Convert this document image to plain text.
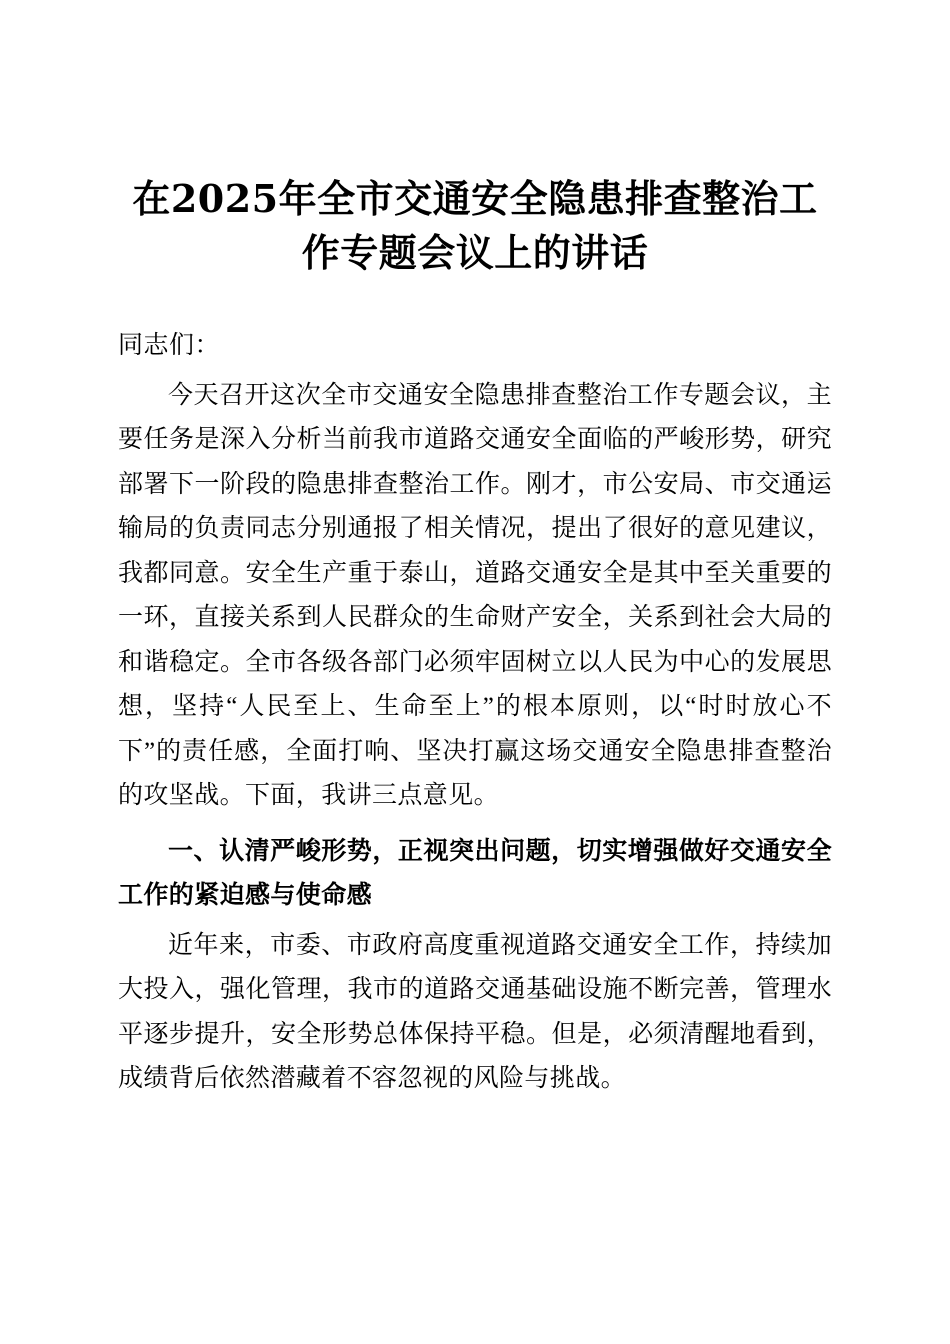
在2025年全市交通安全隐患排查整治工作专题会议上的讲话

同志们：

今天召开这次全市交通安全隐患排查整治工作专题会议，主要任务是深入分析当前我市道路交通安全面临的严峻形势，研究部署下一阶段的隐患排查整治工作。刚才，市公安局、市交通运输局的负责同志分别通报了相关情况，提出了很好的意见建议，我都同意。安全生产重于泰山，道路交通安全是其中至关重要的一环，直接关系到人民群众的生命财产安全，关系到社会大局的和谐稳定。全市各级各部门必须牢固树立以人民为中心的发展思想，坚持“人民至上、生命至上”的根本原则，以“时时放心不下”的责任感，全面打响、坚决打赢这场交通安全隐患排查整治的攻坚战。下面，我讲三点意见。

一、认清严峻形势，正视突出问题，切实增强做好交通安全工作的紧迫感与使命感

近年来，市委、市政府高度重视道路交通安全工作，持续加大投入，强化管理，我市的道路交通基础设施不断完善，管理水平逐步提升，安全形势总体保持平稳。但是，必须清醒地看到，成绩背后依然潜藏着不容忽视的风险与挑战。
